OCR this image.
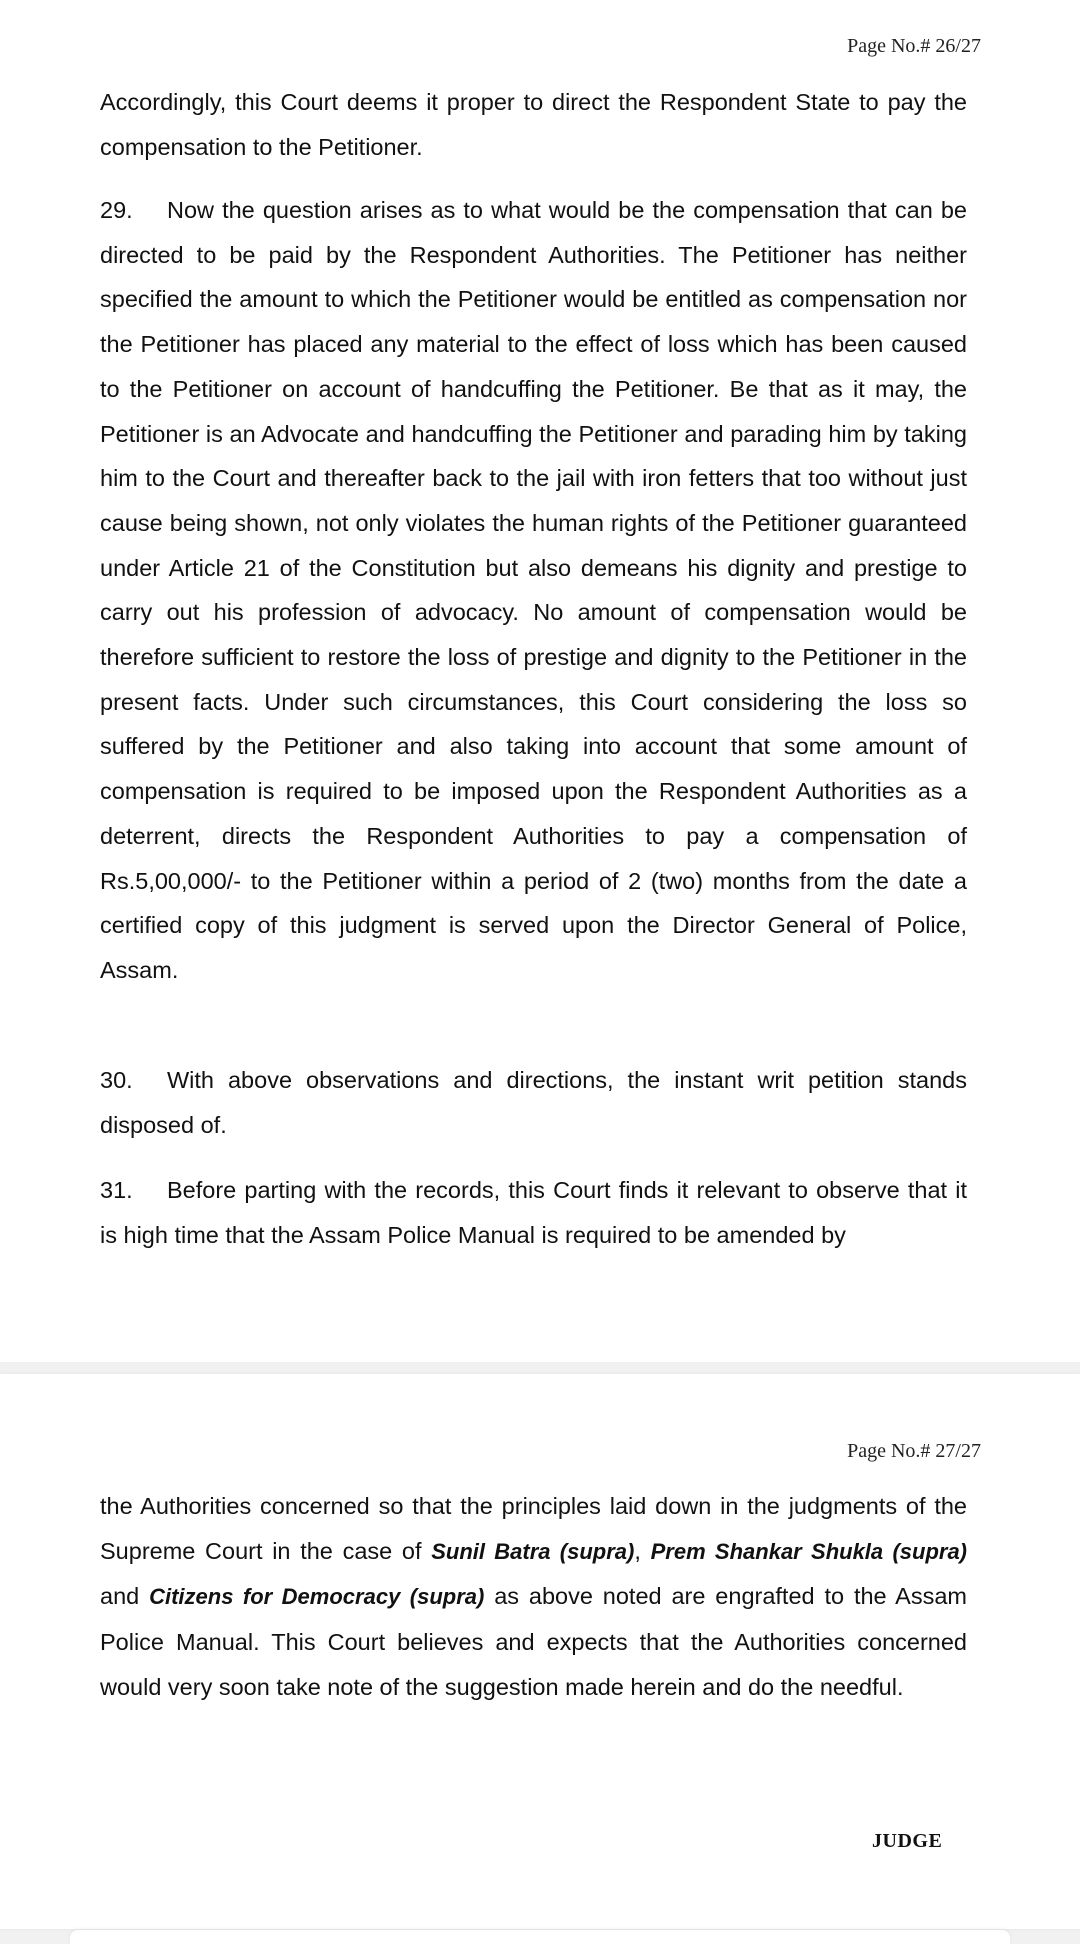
Page No.# 26/27

Accordingly, this Court deems it proper to direct the Respondent State to pay the compensation to the Petitioner.

29. Now the question arises as to what would be the compensation that can be directed to be paid by the Respondent Authorities. The Petitioner has neither specified the amount to which the Petitioner would be entitled as compensation nor the Petitioner has placed any material to the effect of loss which has been caused to the Petitioner on account of handcuffing the Petitioner. Be that as it may, the Petitioner is an Advocate and handcuffing the Petitioner and parading him by taking him to the Court and thereafter back to the jail with iron fetters that too without just cause being shown, not only violates the human rights of the Petitioner guaranteed under Article 21 of the Constitution but also demeans his dignity and prestige to carry out his profession of advocacy. No amount of compensation would be therefore sufficient to restore the loss of prestige and dignity to the Petitioner in the present facts. Under such circumstances, this Court considering the loss so suffered by the Petitioner and also taking into account that some amount of compensation is required to be imposed upon the Respondent Authorities as a deterrent, directs the Respondent Authorities to pay a compensation of Rs.5,00,000/- to the Petitioner within a period of 2 (two) months from the date a certified copy of this judgment is served upon the Director General of Police, Assam.

30. With above observations and directions, the instant writ petition stands disposed of.

31. Before parting with the records, this Court finds it relevant to observe that it is high time that the Assam Police Manual is required to be amended by

Page No.# 27/27

the Authorities concerned so that the principles laid down in the judgments of the Supreme Court in the case of Sunil Batra (supra), Prem Shankar Shukla (supra) and Citizens for Democracy (supra) as above noted are engrafted to the Assam Police Manual. This Court believes and expects that the Authorities concerned would very soon take note of the suggestion made herein and do the needful.

JUDGE
